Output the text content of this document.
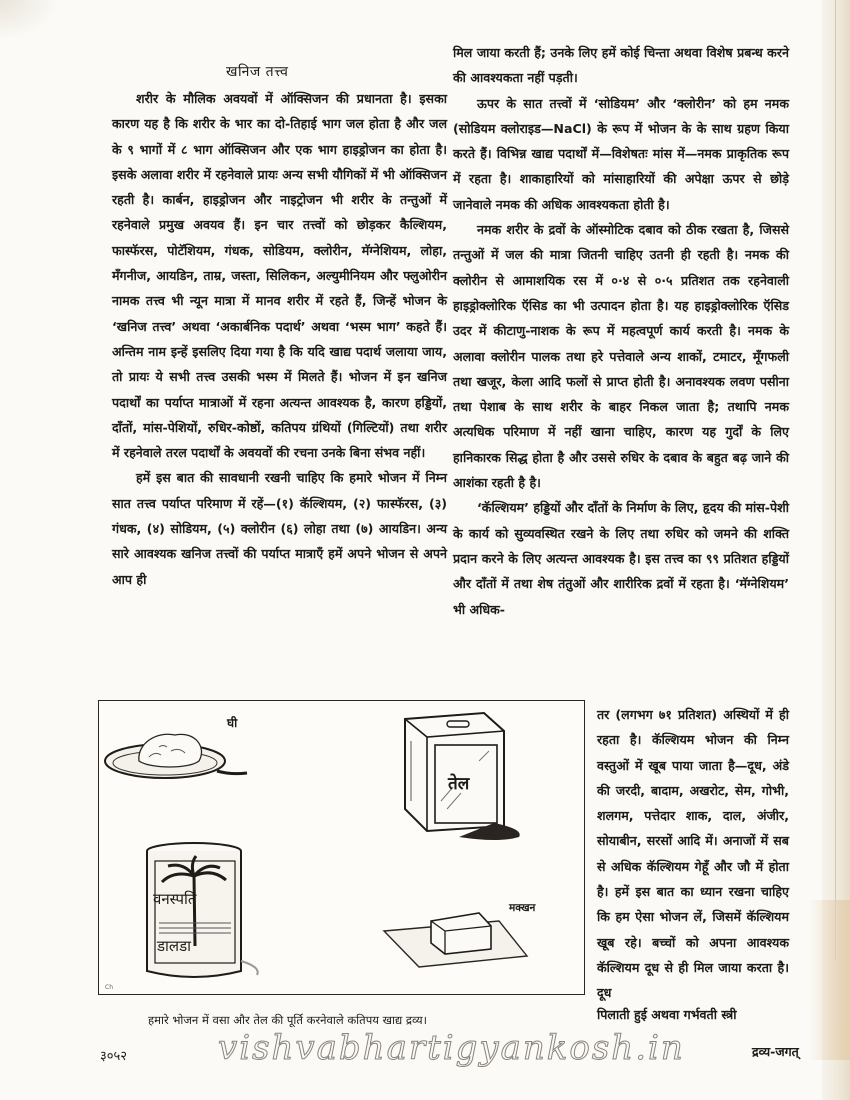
खनिज तत्त्व

शरीर के मौलिक अवयवों में ऑक्सिजन की प्रधानता है। इसका कारण यह है कि शरीर के भार का दो-तिहाई भाग जल होता है और जल के ९ भागों में ८ भाग ऑक्सिजन और एक भाग हाइड्रोजन का होता है। इसके अलावा शरीर में रहनेवाले प्रायः अन्य सभी यौगिकों में भी ऑक्सिजन रहती है। कार्बन, हाइड्रोजन और नाइट्रोजन भी शरीर के तन्तुओं में रहनेवाले प्रमुख अवयव हैं। इन चार तत्त्वों को छोड़कर कैल्शियम, फास्फॅरस, पोटॅशियम, गंधक, सोडियम, क्लोरीन, मॅग्नेशियम, लोहा, मॅंगनीज, आयडिन, ताम्र, जस्ता, सिलिकन, अल्युमीनियम और फ्लुओरीन नामक तत्त्व भी न्यून मात्रा में मानव शरीर में रहते हैं, जिन्हें भोजन के ‘खनिज तत्त्व’ अथवा ‘अकार्बनिक पदार्थ’ अथवा ‘भस्म भाग’ कहते हैं। अन्तिम नाम इन्हें इसलिए दिया गया है कि यदि खाद्य पदार्थ जलाया जाय, तो प्रायः ये सभी तत्त्व उसकी भस्म में मिलते हैं। भोजन में इन खनिज पदार्थों का पर्याप्त मात्राओं में रहना अत्यन्त आवश्यक है, कारण हड्डियों, दाँतों, मांस-पेशियों, रुधिर-कोष्ठों, कतिपय ग्रंथियों (गिल्टियों) तथा शरीर में रहनेवाले तरल पदार्थों के अवयवों की रचना उनके बिना संभव नहीं।

हमें इस बात की सावधानी रखनी चाहिए कि हमारे भोजन में निम्न सात तत्त्व पर्याप्त परिमाण में रहें—(१) कॅल्शियम, (२) फास्फॅरस, (३) गंधक, (४) सोडियम, (५) क्लोरीन (६) लोहा तथा (७) आयडिन। अन्य सारे आवश्यक खनिज तत्त्वों की पर्याप्त मात्राएँ हमें अपने भोजन से अपने आप ही

मिल जाया करती हैं; उनके लिए हमें कोई चिन्ता अथवा विशेष प्रबन्ध करने की आवश्यकता नहीं पड़ती।

ऊपर के सात तत्त्वों में ‘सोडियम’ और ‘क्लोरीन’ को हम नमक (सोडियम क्लोराइड—NaCl) के रूप में भोजन के के साथ ग्रहण किया करते हैं। विभिन्न खाद्य पदार्थों में—विशेषतः मांस में—नमक प्राकृतिक रूप में रहता है। शाकाहारियों को मांसाहारियों की अपेक्षा ऊपर से छोड़े जानेवाले नमक की अधिक आवश्यकता होती है।

नमक शरीर के द्रवों के ऑस्मोटिक दबाव को ठीक रखता है, जिससे तन्तुओं में जल की मात्रा जितनी चाहिए उतनी ही रहती है। नमक की क्लोरीन से आमाशयिक रस में ०·४ से ०·५ प्रतिशत तक रहनेवाली हाइड्रोक्लोरिक ऍसिड का भी उत्पादन होता है। यह हाइड्रोक्लोरिक ऍसिड उदर में कीटाणु-नाशक के रूप में महत्वपूर्ण कार्य करती है। नमक के अलावा क्लोरीन पालक तथा हरे पत्तेवाले अन्य शाकों, टमाटर, मूँगफली तथा खजूर, केला आदि फलों से प्राप्त होती है। अनावश्यक लवण पसीना तथा पेशाब के साथ शरीर के बाहर निकल जाता है; तथापि नमक अत्यधिक परिमाण में नहीं खाना चाहिए, कारण यह गुर्दों के लिए हानिकारक सिद्ध होता है और उससे रुधिर के दबाव के बहुत बढ़ जाने की आशंका रहती है है।

‘कॅल्शियम’ हड्डियों और दाँतों के निर्माण के लिए, हृदय की मांस-पेशी के कार्य को सुव्यवस्थित रखने के लिए तथा रुधिर को जमने की शक्ति प्रदान करने के लिए अत्यन्त आवश्यक है। इस तत्त्व का ९९ प्रतिशत हड्डियों और दाँतों में तथा शेष तंतुओं और शारीरिक द्रवों में रहता है। ‘मॅग्नेशियम’ भी अधिक-

तर (लगभग ७१ प्रतिशत) अस्थियों में ही रहता है। कॅल्शियम भोजन की निम्न वस्तुओं में खूब पाया जाता है—दूध, अंडे की जरदी, बादाम, अखरोट, सेम, गोभी, शलगम, पत्तेदार शाक, दाल, अंजीर, सोयाबीन, सरसों आदि में। अनाजों में सब से अधिक कॅल्शियम गेहूँ और जौ में होता है। हमें इस बात का ध्यान रखना चाहिए कि हम ऐसा भोजन लें, जिसमें कॅल्शियम खूब रहे। बच्चों को अपना आवश्यक कॅल्शियम दूध से ही मिल जाया करता है। दूध

Ch
घी
तेल
वनस्पति
डालडा
मक्खन
हमारे भोजन में वसा और तेल की पूर्ति करनेवाले कतिपय खाद्य द्रव्य।	पिलाती हुई अथवा गर्भवती स्त्री
vishvabhartigyankosh.in
३०५२	द्रव्य-जगत्
